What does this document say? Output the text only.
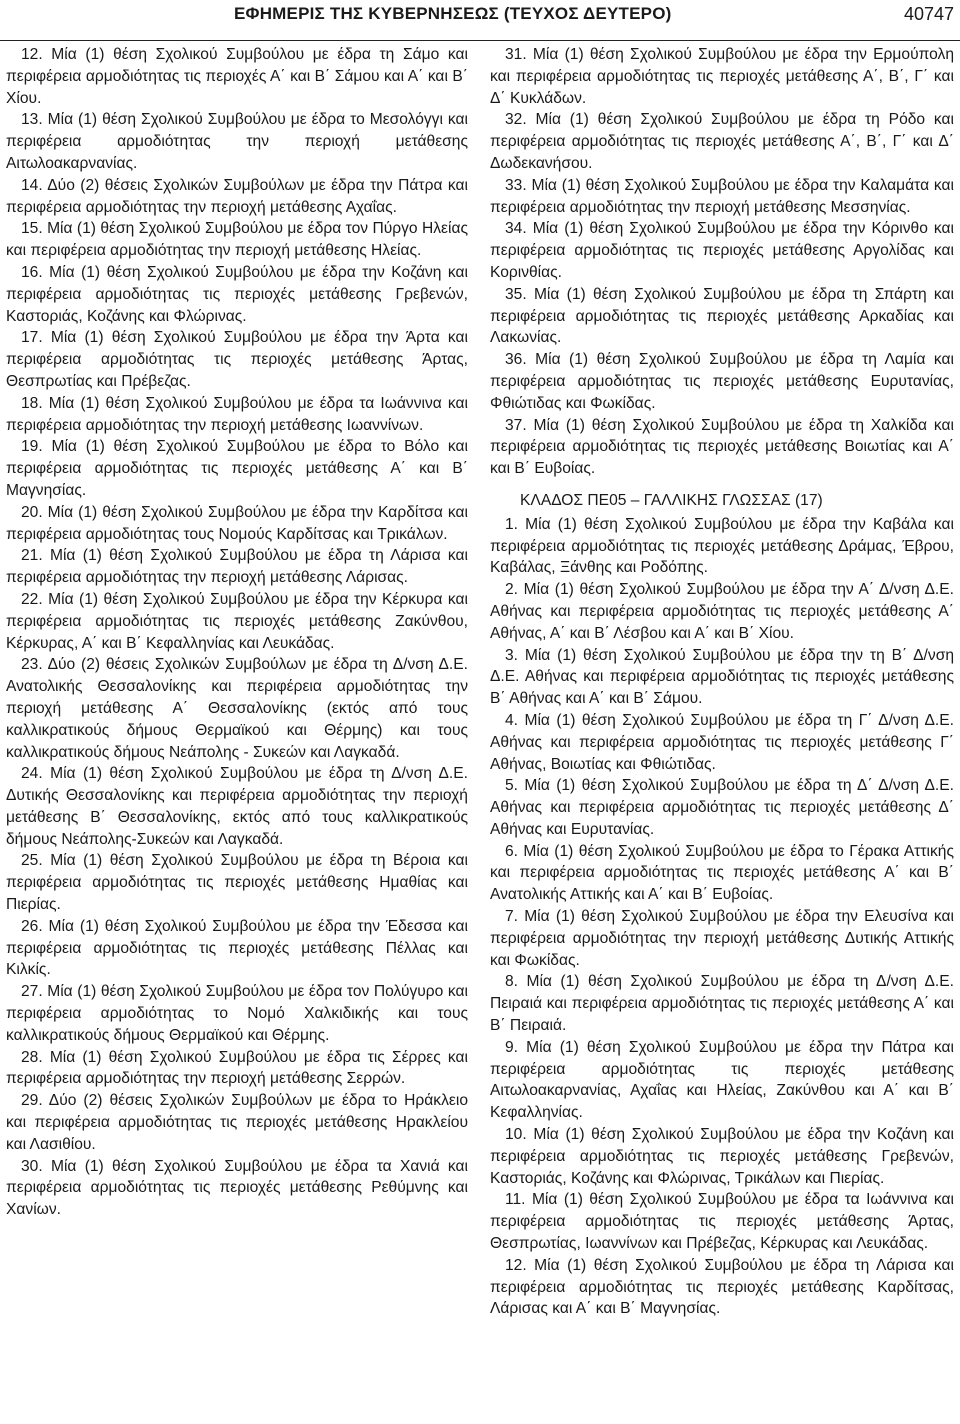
ΕΦΗΜΕΡΙΣ ΤΗΣ ΚΥΒΕΡΝΗΣΕΩΣ (ΤΕΥΧΟΣ ΔΕΥΤΕΡΟ)	40747

12. Μία (1) θέση Σχολικού Συμβούλου με έδρα τη Σάμο και περιφέρεια αρμοδιότητας τις περιοχές Α΄ και Β΄ Σάμου και Α΄ και Β΄ Χίου.

13. Μία (1) θέση Σχολικού Συμβούλου με έδρα το Μεσολόγγι και περιφέρεια αρμοδιότητας την περιοχή μετάθεσης Αιτωλοακαρνανίας.

14. Δύο (2) θέσεις Σχολικών Συμβούλων με έδρα την Πάτρα και περιφέρεια αρμοδιότητας την περιοχή μετάθεσης Αχαΐας.

15. Μία (1) θέση Σχολικού Συμβούλου με έδρα τον Πύργο Ηλείας και περιφέρεια αρμοδιότητας την περιοχή μετάθεσης Ηλείας.

16. Μία (1) θέση Σχολικού Συμβούλου με έδρα την Κοζάνη και περιφέρεια αρμοδιότητας τις περιοχές μετάθεσης Γρεβενών, Καστοριάς, Κοζάνης και Φλώρινας.

17. Μία (1) θέση Σχολικού Συμβούλου με έδρα την Άρτα και περιφέρεια αρμοδιότητας τις περιοχές μετάθεσης Άρτας, Θεσπρωτίας και Πρέβεζας.

18. Μία (1) θέση Σχολικού Συμβούλου με έδρα τα Ιωάννινα και περιφέρεια αρμοδιότητας την περιοχή μετάθεσης Ιωαννίνων.

19. Μία (1) θέση Σχολικού Συμβούλου με έδρα το Βόλο και περιφέρεια αρμοδιότητας τις περιοχές μετάθεσης Α΄ και Β΄ Μαγνησίας.

20. Μία (1) θέση Σχολικού Συμβούλου με έδρα την Καρδίτσα και περιφέρεια αρμοδιότητας τους Νομούς Καρδίτσας και Τρικάλων.

21. Μία (1) θέση Σχολικού Συμβούλου με έδρα τη Λάρισα και περιφέρεια αρμοδιότητας την περιοχή μετάθεσης Λάρισας.

22. Μία (1) θέση Σχολικού Συμβούλου με έδρα την Κέρκυρα και περιφέρεια αρμοδιότητας τις περιοχές μετάθεσης Ζακύνθου, Κέρκυρας, Α΄ και Β΄ Κεφαλληνίας και Λευκάδας.

23. Δύο (2) θέσεις Σχολικών Συμβούλων με έδρα τη Δ/νση Δ.Ε. Ανατολικής Θεσσαλονίκης και περιφέρεια αρμοδιότητας την περιοχή μετάθεσης Α΄ Θεσσαλονίκης (εκτός από τους καλλικρατικούς δήμους Θερμαϊκού και Θέρμης) και τους καλλικρατικούς δήμους Νεάπολης - Συκεών και Λαγκαδά.

24. Μία (1) θέση Σχολικού Συμβούλου με έδρα τη Δ/νση Δ.Ε. Δυτικής Θεσσαλονίκης και περιφέρεια αρμοδιότητας την περιοχή μετάθεσης Β΄ Θεσσαλονίκης, εκτός από τους καλλικρατικούς δήμους Νεάπολης-Συκεών και Λαγκαδά.

25. Μία (1) θέση Σχολικού Συμβούλου με έδρα τη Βέροια και περιφέρεια αρμοδιότητας τις περιοχές μετάθεσης Ημαθίας και Πιερίας.

26. Μία (1) θέση Σχολικού Συμβούλου με έδρα την Έδεσσα και περιφέρεια αρμοδιότητας τις περιοχές μετάθεσης Πέλλας και Κιλκίς.

27. Μία (1) θέση Σχολικού Συμβούλου με έδρα τον Πολύγυρο και περιφέρεια αρμοδιότητας το Νομό Χαλκιδικής και τους καλλικρατικούς δήμους Θερμαϊκού και Θέρμης.

28. Μία (1) θέση Σχολικού Συμβούλου με έδρα τις Σέρρες και περιφέρεια αρμοδιότητας την περιοχή μετάθεσης Σερρών.

29. Δύο (2) θέσεις Σχολικών Συμβούλων με έδρα το Ηράκλειο και περιφέρεια αρμοδιότητας τις περιοχές μετάθεσης Ηρακλείου και Λασιθίου.

30. Μία (1) θέση Σχολικού Συμβούλου με έδρα τα Χανιά και περιφέρεια αρμοδιότητας τις περιοχές μετάθεσης Ρεθύμνης και Χανίων.

31. Μία (1) θέση Σχολικού Συμβούλου με έδρα την Ερμούπολη και περιφέρεια αρμοδιότητας τις περιοχές μετάθεσης Α΄, Β΄, Γ΄ και Δ΄ Κυκλάδων.

32. Μία (1) θέση Σχολικού Συμβούλου με έδρα τη Ρόδο και περιφέρεια αρμοδιότητας τις περιοχές μετάθεσης Α΄, Β΄, Γ΄ και Δ΄ Δωδεκανήσου.

33. Μία (1) θέση Σχολικού Συμβούλου με έδρα την Καλαμάτα και περιφέρεια αρμοδιότητας την περιοχή μετάθεσης Μεσσηνίας.

34. Μία (1) θέση Σχολικού Συμβούλου με έδρα την Κόρινθο και περιφέρεια αρμοδιότητας τις περιοχές μετάθεσης Αργολίδας και Κορινθίας.

35. Μία (1) θέση Σχολικού Συμβούλου με έδρα τη Σπάρτη και περιφέρεια αρμοδιότητας τις περιοχές μετάθεσης Αρκαδίας και Λακωνίας.

36. Μία (1) θέση Σχολικού Συμβούλου με έδρα τη Λαμία και περιφέρεια αρμοδιότητας τις περιοχές μετάθεσης Ευρυτανίας, Φθιώτιδας και Φωκίδας.

37. Μία (1) θέση Σχολικού Συμβούλου με έδρα τη Χαλκίδα και περιφέρεια αρμοδιότητας τις περιοχές μετάθεσης Βοιωτίας και Α΄ και Β΄ Ευβοίας.

ΚΛΑΔΟΣ ΠΕ05 – ΓΑΛΛΙΚΗΣ ΓΛΩΣΣΑΣ (17)

1. Μία (1) θέση Σχολικού Συμβούλου με έδρα την Καβάλα και περιφέρεια αρμοδιότητας τις περιοχές μετάθεσης Δράμας, Έβρου, Καβάλας, Ξάνθης και Ροδόπης.

2. Μία (1) θέση Σχολικού Συμβούλου με έδρα την Α΄ Δ/νση Δ.Ε. Αθήνας και περιφέρεια αρμοδιότητας τις περιοχές μετάθεσης Α΄ Αθήνας, Α΄ και Β΄ Λέσβου και Α΄ και Β΄ Χίου.

3. Μία (1) θέση Σχολικού Συμβούλου με έδρα την τη Β΄ Δ/νση Δ.Ε. Αθήνας και περιφέρεια αρμοδιότητας τις περιοχές μετάθεσης Β΄ Αθήνας και Α΄ και Β΄ Σάμου.

4. Μία (1) θέση Σχολικού Συμβούλου με έδρα τη Γ΄ Δ/νση Δ.Ε. Αθήνας και περιφέρεια αρμοδιότητας τις περιοχές μετάθεσης Γ΄ Αθήνας, Βοιωτίας και Φθιώτιδας.

5. Μία (1) θέση Σχολικού Συμβούλου με έδρα τη Δ΄ Δ/νση Δ.Ε. Αθήνας και περιφέρεια αρμοδιότητας τις περιοχές μετάθεσης Δ΄ Αθήνας και Ευρυτανίας.

6. Μία (1) θέση Σχολικού Συμβούλου με έδρα το Γέρακα Αττικής και περιφέρεια αρμοδιότητας τις περιοχές μετάθεσης Α΄ και Β΄ Ανατολικής Αττικής και Α΄ και Β΄ Ευβοίας.

7. Μία (1) θέση Σχολικού Συμβούλου με έδρα την Ελευσίνα και περιφέρεια αρμοδιότητας την περιοχή μετάθεσης Δυτικής Αττικής και Φωκίδας.

8. Μία (1) θέση Σχολικού Συμβούλου με έδρα τη Δ/νση Δ.Ε. Πειραιά και περιφέρεια αρμοδιότητας τις περιοχές μετάθεσης Α΄ και Β΄ Πειραιά.

9. Μία (1) θέση Σχολικού Συμβούλου με έδρα την Πάτρα και περιφέρεια αρμοδιότητας τις περιοχές μετάθεσης Αιτωλοακαρνανίας, Αχαΐας και Ηλείας, Ζακύνθου και Α΄ και Β΄ Κεφαλληνίας.

10. Μία (1) θέση Σχολικού Συμβούλου με έδρα την Κοζάνη και περιφέρεια αρμοδιότητας τις περιοχές μετάθεσης Γρεβενών, Καστοριάς, Κοζάνης και Φλώρινας, Τρικάλων και Πιερίας.

11. Μία (1) θέση Σχολικού Συμβούλου με έδρα τα Ιωάννινα και περιφέρεια αρμοδιότητας τις περιοχές μετάθεσης Άρτας, Θεσπρωτίας, Ιωαννίνων και Πρέβεζας, Κέρκυρας και Λευκάδας.

12. Μία (1) θέση Σχολικού Συμβούλου με έδρα τη Λάρισα και περιφέρεια αρμοδιότητας τις περιοχές μετάθεσης Καρδίτσας, Λάρισας και Α΄ και Β΄ Μαγνησίας.
